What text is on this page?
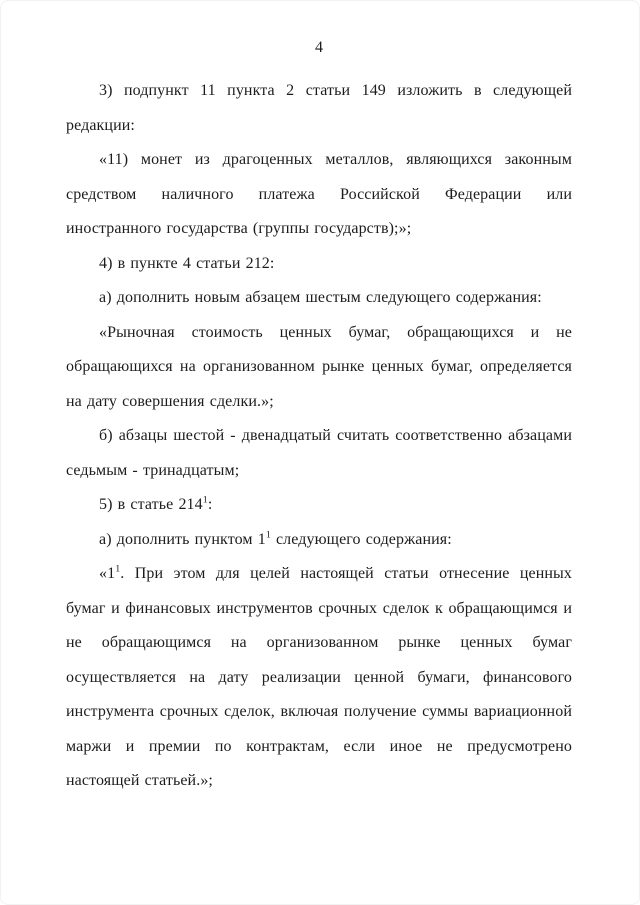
4

3) подпункт 11 пункта 2 статьи 149 изложить в следующей редакции:

«11) монет из драгоценных металлов, являющихся законным средством наличного платежа Российской Федерации или иностранного государства (группы государств);»;

4) в пункте 4 статьи 212:

а) дополнить новым абзацем шестым следующего содержания:

«Рыночная стоимость ценных бумаг, обращающихся и не обращающихся на организованном рынке ценных бумаг, определяется на дату совершения сделки.»;

б) абзацы шестой - двенадцатый считать соответственно абзацами седьмым - тринадцатым;

5) в статье $214^1$:

а) дополнить пунктом $1^1$ следующего содержания:

«$1^1$. При этом для целей настоящей статьи отнесение ценных бумаг и финансовых инструментов срочных сделок к обращающимся и не обращающимся на организованном рынке ценных бумаг осуществляется на дату реализации ценной бумаги, финансового инструмента срочных сделок, включая получение суммы вариационной маржи и премии по контрактам, если иное не предусмотрено настоящей статьей.»;
